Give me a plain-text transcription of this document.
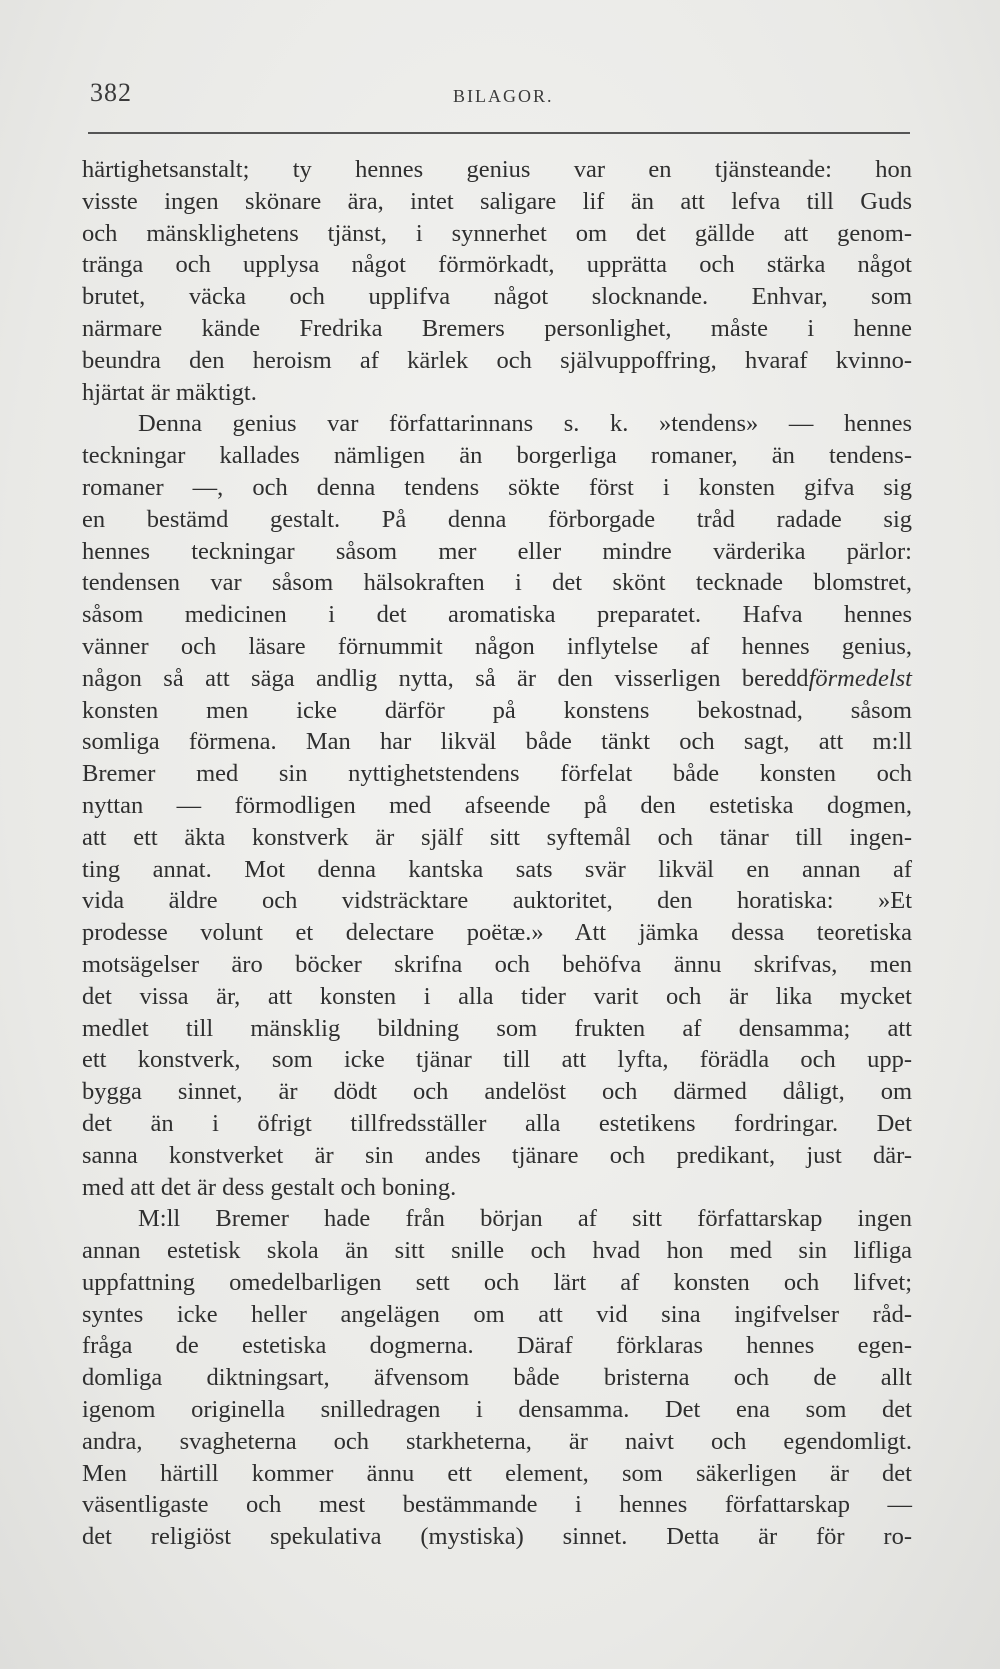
382	BILAGOR.
härtighetsanstalt; ty hennes genius var en tjänsteande: hon
visste ingen skönare ära, intet saligare lif än att lefva till Guds
och mänsklighetens tjänst, i synnerhet om det gällde att genom-
tränga och upplysa något förmörkadt, upprätta och stärka något
brutet, väcka och upplifva något slocknande. Enhvar, som
närmare kände Fredrika Bremers personlighet, måste i henne
beundra den heroism af kärlek och självuppoffring, hvaraf kvinno-
hjärtat är mäktigt.
Denna genius var författarinnans s. k. »tendens» — hennes
teckningar kallades nämligen än borgerliga romaner, än tendens-
romaner —, och denna tendens sökte först i konsten gifva sig
en bestämd gestalt. På denna förborgade tråd radade sig
hennes teckningar såsom mer eller mindre värderika pärlor:
tendensen var såsom hälsokraften i det skönt tecknade blomstret,
såsom medicinen i det aromatiska preparatet. Hafva hennes
vänner och läsare förnummit någon inflytelse af hennes genius,
någon så att säga andlig nytta, så är den visserligen bereddförmedelst
konsten men icke därför på konstens bekostnad, såsom
somliga förmena. Man har likväl både tänkt och sagt, att m:ll
Bremer med sin nyttighetstendens förfelat både konsten och
nyttan — förmodligen med afseende på den estetiska dogmen,
att ett äkta konstverk är själf sitt syftemål och tänar till ingen-
ting annat. Mot denna kantska sats svär likväl en annan af
vida äldre och vidsträcktare auktoritet, den horatiska: »Et
prodesse volunt et delectare poëtæ.» Att jämka dessa teoretiska
motsägelser äro böcker skrifna och behöfva ännu skrifvas, men
det vissa är, att konsten i alla tider varit och är lika mycket
medlet till mänsklig bildning som frukten af densamma; att
ett konstverk, som icke tjänar till att lyfta, förädla och upp-
bygga sinnet, är dödt och andelöst och därmed dåligt, om
det än i öfrigt tillfredsställer alla estetikens fordringar. Det
sanna konstverket är sin andes tjänare och predikant, just där-
med att det är dess gestalt och boning.
M:ll Bremer hade från början af sitt författarskap ingen
annan estetisk skola än sitt snille och hvad hon med sin lifliga
uppfattning omedelbarligen sett och lärt af konsten och lifvet;
syntes icke heller angelägen om att vid sina ingifvelser råd-
fråga de estetiska dogmerna. Däraf förklaras hennes egen-
domliga diktningsart, äfvensom både bristerna och de allt
igenom originella snilledragen i densamma. Det ena som det
andra, svagheterna och starkheterna, är naivt och egendomligt.
Men härtill kommer ännu ett element, som säkerligen är det
väsentligaste och mest bestämmande i hennes författarskap —
det religiöst spekulativa (mystiska) sinnet. Detta är för ro-
